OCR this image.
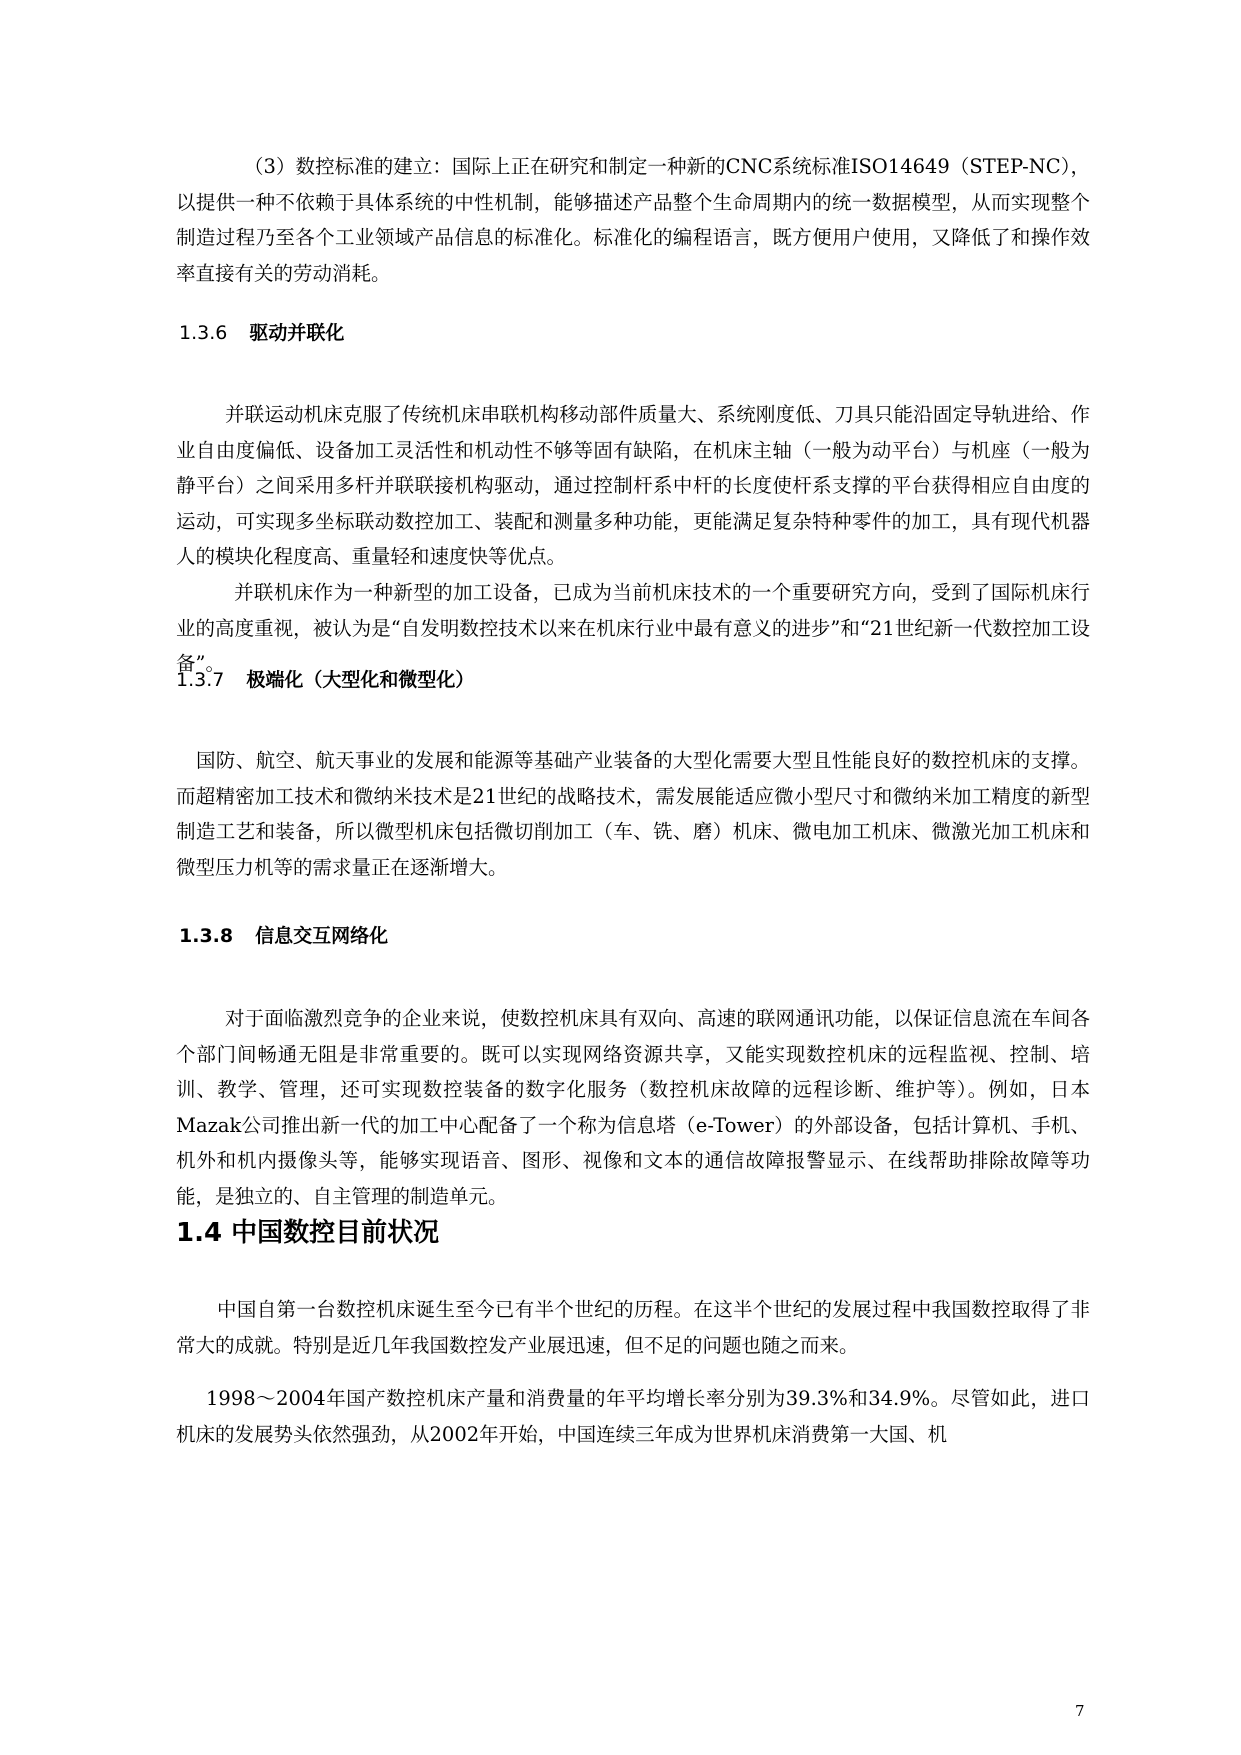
（3）数控标准的建立：国际上正在研究和制定一种新的CNC系统标准ISO14649（STEP-NC），以提供一种不依赖于具体系统的中性机制，能够描述产品整个生命周期内的统一数据模型，从而实现整个制造过程乃至各个工业领域产品信息的标准化。标准化的编程语言，既方便用户使用，又降低了和操作效率直接有关的劳动消耗。

1.3.6 驱动并联化

并联运动机床克服了传统机床串联机构移动部件质量大、系统刚度低、刀具只能沿固定导轨进给、作业自由度偏低、设备加工灵活性和机动性不够等固有缺陷，在机床主轴（一般为动平台）与机座（一般为静平台）之间采用多杆并联联接机构驱动，通过控制杆系中杆的长度使杆系支撑的平台获得相应自由度的运动，可实现多坐标联动数控加工、装配和测量多种功能，更能满足复杂特种零件的加工，具有现代机器人的模块化程度高、重量轻和速度快等优点。

并联机床作为一种新型的加工设备，已成为当前机床技术的一个重要研究方向，受到了国际机床行业的高度重视，被认为是“自发明数控技术以来在机床行业中最有意义的进步”和“21世纪新一代数控加工设备”。

1.3.7 极端化（大型化和微型化）

国防、航空、航天事业的发展和能源等基础产业装备的大型化需要大型且性能良好的数控机床的支撑。而超精密加工技术和微纳米技术是21世纪的战略技术，需发展能适应微小型尺寸和微纳米加工精度的新型制造工艺和装备，所以微型机床包括微切削加工（车、铣、磨）机床、微电加工机床、微激光加工机床和微型压力机等的需求量正在逐渐增大。

1.3.8 信息交互网络化

对于面临激烈竞争的企业来说，使数控机床具有双向、高速的联网通讯功能，以保证信息流在车间各个部门间畅通无阻是非常重要的。既可以实现网络资源共享，又能实现数控机床的远程监视、控制、培训、教学、管理，还可实现数控装备的数字化服务（数控机床故障的远程诊断、维护等）。例如，日本Mazak公司推出新一代的加工中心配备了一个称为信息塔（e-Tower）的外部设备，包括计算机、手机、机外和机内摄像头等，能够实现语音、图形、视像和文本的通信故障报警显示、在线帮助排除故障等功能，是独立的、自主管理的制造单元。

1.4 中国数控目前状况

中国自第一台数控机床诞生至今已有半个世纪的历程。在这半个世纪的发展过程中我国数控取得了非常大的成就。特别是近几年我国数控发产业展迅速，但不足的问题也随之而来。

1998～2004年国产数控机床产量和消费量的年平均增长率分别为39.3%和34.9%。尽管如此，进口机床的发展势头依然强劲，从2002年开始，中国连续三年成为世界机床消费第一大国、机

7
